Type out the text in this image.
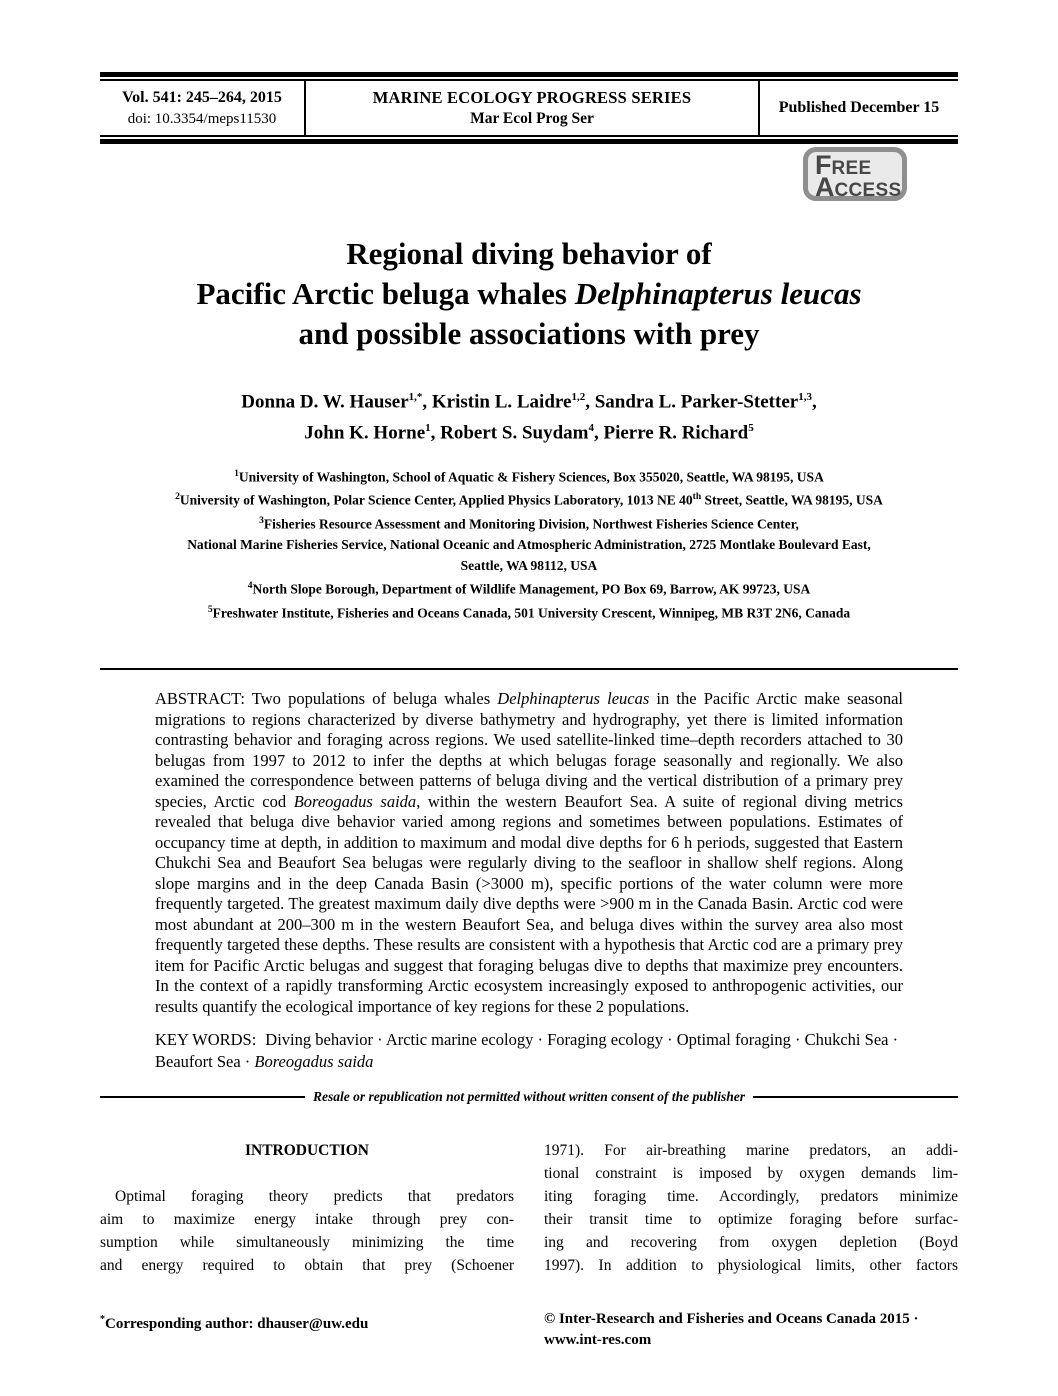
Vol. 541: 245–264, 2015
doi: 10.3354/meps11530
MARINE ECOLOGY PROGRESS SERIES
Mar Ecol Prog Ser
Published December 15
F REE
A CCESS
Regional diving behavior of
Pacific Arctic beluga whales Delphinapterus leucas
and possible associations with prey
Donna D. W. Hauser$^{1,*}$, Kristin L. Laidre$^{1,2}$, Sandra L. Parker-Stetter$^{1,3}$,
John K. Horne$^1$, Robert S. Suydam$^4$, Pierre R. Richard$^5$
$^1$University of Washington, School of Aquatic & Fishery Sciences, Box 355020, Seattle, WA 98195, USA
$^2$University of Washington, Polar Science Center, Applied Physics Laboratory, 1013 NE 40th Street, Seattle, WA 98195, USA
$^3$Fisheries Resource Assessment and Monitoring Division, Northwest Fisheries Science Center,
National Marine Fisheries Service, National Oceanic and Atmospheric Administration, 2725 Montlake Boulevard East,
Seattle, WA 98112, USA
$^4$North Slope Borough, Department of Wildlife Management, PO Box 69, Barrow, AK 99723, USA
$^5$Freshwater Institute, Fisheries and Oceans Canada, 501 University Crescent, Winnipeg, MB R3T 2N6, Canada
ABSTRACT: Two populations of beluga whales Delphinapterus leucas in the Pacific Arctic make seasonal migrations to regions characterized by diverse bathymetry and hydrography, yet there is limited information contrasting behavior and foraging across regions. We used satellite-linked time–depth recorders attached to 30 belugas from 1997 to 2012 to infer the depths at which belugas forage seasonally and regionally. We also examined the correspondence between patterns of beluga diving and the vertical distribution of a primary prey species, Arctic cod Boreogadus saida, within the western Beaufort Sea. A suite of regional diving metrics revealed that beluga dive behavior varied among regions and sometimes between populations. Estimates of occupancy time at depth, in addition to maximum and modal dive depths for 6 h periods, suggested that Eastern Chukchi Sea and Beaufort Sea belugas were regularly diving to the seafloor in shallow shelf regions. Along slope margins and in the deep Canada Basin (>3000 m), specific portions of the water column were more frequently targeted. The greatest maximum daily dive depths were >900 m in the Canada Basin. Arctic cod were most abundant at 200–300 m in the western Beaufort Sea, and beluga dives within the survey area also most frequently targeted these depths. These results are consistent with a hypothesis that Arctic cod are a primary prey item for Pacific Arctic belugas and suggest that foraging belugas dive to depths that maximize prey encounters. In the context of a rapidly transforming Arctic ecosystem increasingly exposed to anthropogenic activities, our results quantify the ecological importance of key regions for these 2 populations.
KEY WORDS: Diving behavior · Arctic marine ecology · Foraging ecology · Optimal foraging · Chukchi Sea · Beaufort Sea · Boreogadus saida
Resale or republication not permitted without written consent of the publisher
INTRODUCTION
Optimal foraging theory predicts that predators
aim to maximize energy intake through prey con-
sumption while simultaneously minimizing the time
and energy required to obtain that prey (Schoener
1971). For air-breathing marine predators, an addi-
tional constraint is imposed by oxygen demands lim-
iting foraging time. Accordingly, predators minimize
their transit time to optimize foraging before surfac-
ing and recovering from oxygen depletion (Boyd
1997). In addition to physiological limits, other factors
*Corresponding author: dhauser@uw.edu	© Inter-Research and Fisheries and Oceans Canada 2015 ·
www.int-res.com
